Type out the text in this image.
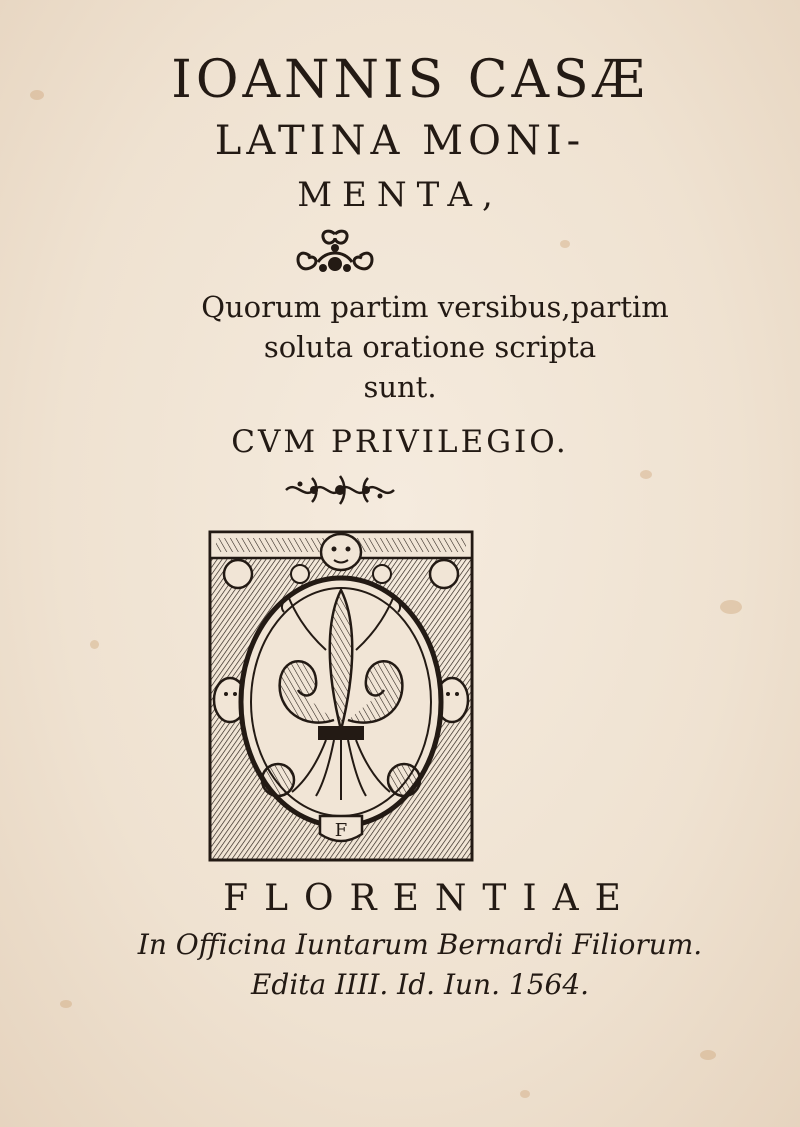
IOANNIS CASÆ
LATINA MONI-
MENTA,
Quorum partim versibus,partim
soluta oratione scripta
sunt.
CVM PRIVILEGIO.
F
FLORENTIAE
In Officina Iuntarum Bernardi Filiorum.
Edita IIII. Id. Iun. 1564.
